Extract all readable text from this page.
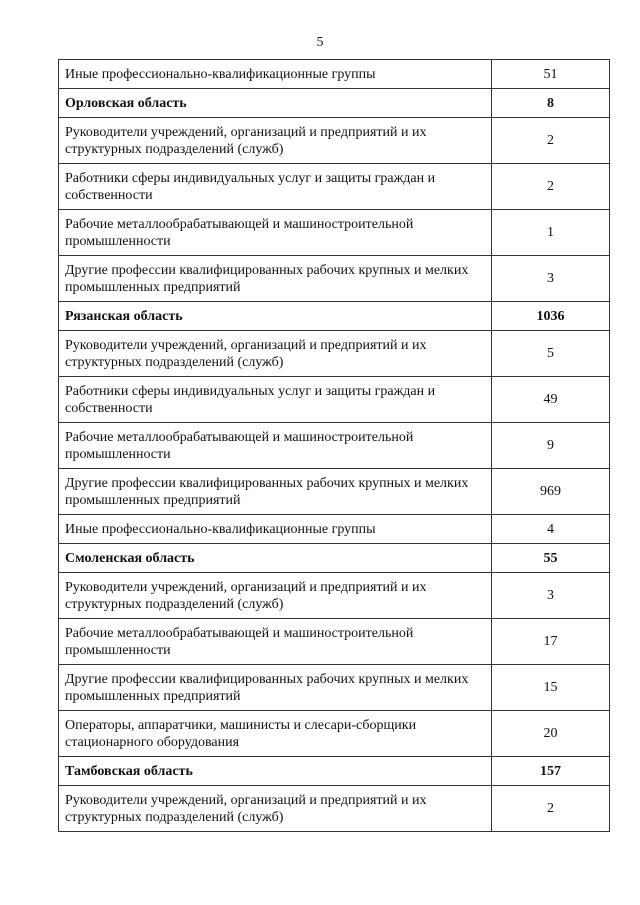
5
Иные профессионально-квалификационные группы	51
Орловская область	8
Руководители учреждений, организаций и предприятий и их структурных подразделений (служб)	2
Работники сферы индивидуальных услуг и защиты граждан и собственности	2
Рабочие металлообрабатывающей и машиностроительной промышленности	1
Другие профессии квалифицированных рабочих крупных и мелких промышленных предприятий	3
Рязанская область	1036
Руководители учреждений, организаций и предприятий и их структурных подразделений (служб)	5
Работники сферы индивидуальных услуг и защиты граждан и собственности	49
Рабочие металлообрабатывающей и машиностроительной промышленности	9
Другие профессии квалифицированных рабочих крупных и мелких промышленных предприятий	969
Иные профессионально-квалификационные группы	4
Смоленская область	55
Руководители учреждений, организаций и предприятий и их структурных подразделений (служб)	3
Рабочие металлообрабатывающей и машиностроительной промышленности	17
Другие профессии квалифицированных рабочих крупных и мелких промышленных предприятий	15
Операторы, аппаратчики, машинисты и слесари-сборщики стационарного оборудования	20
Тамбовская область	157
Руководители учреждений, организаций и предприятий и их структурных подразделений (служб)	2
